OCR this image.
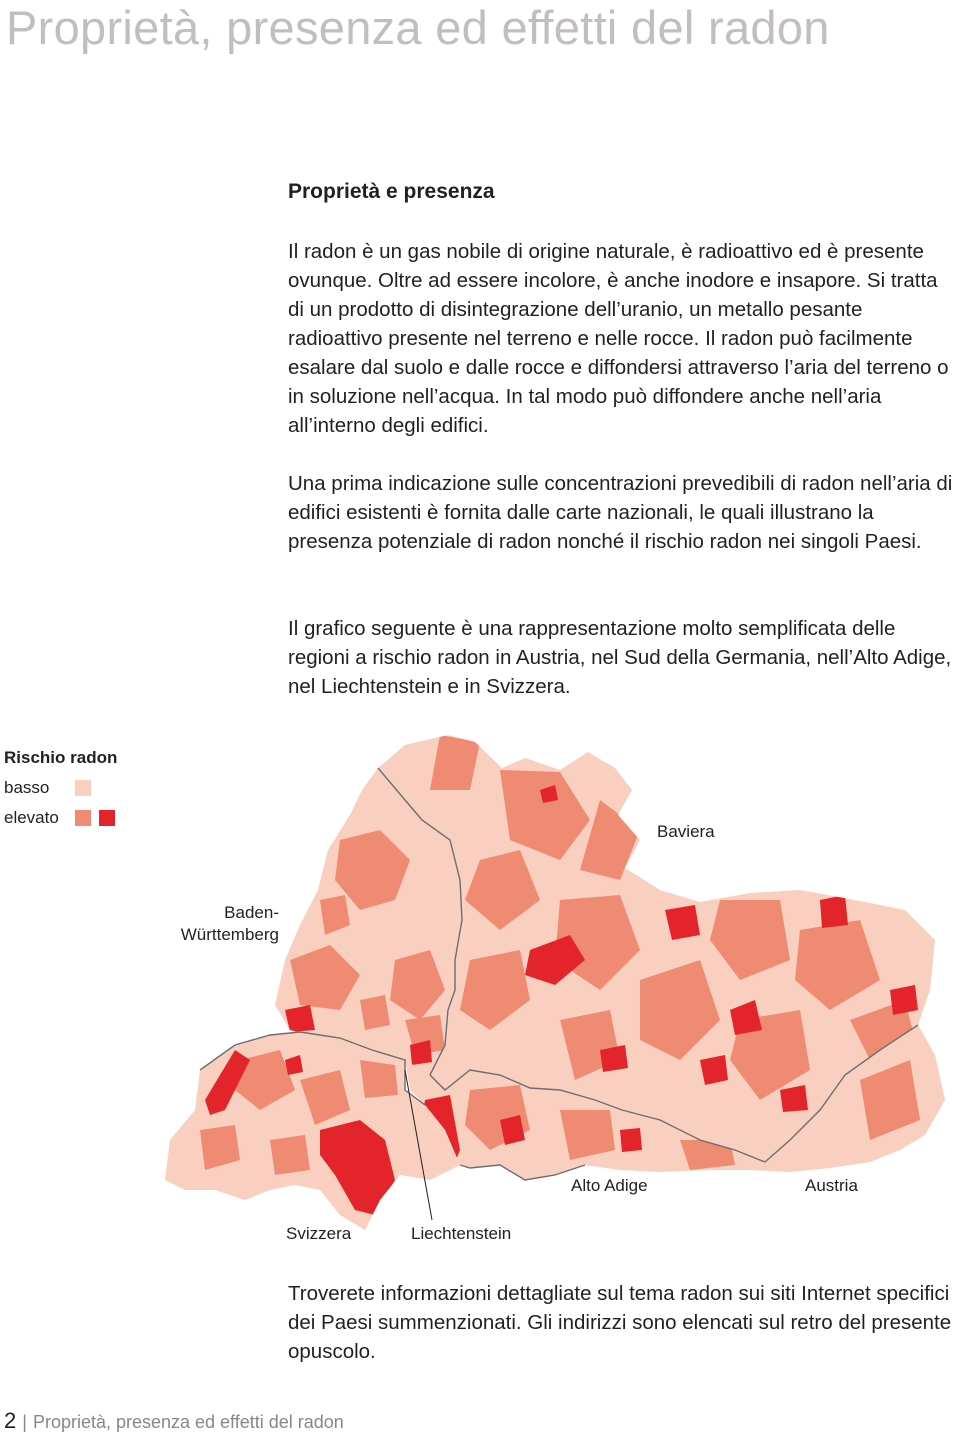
Proprietà, presenza ed effetti del radon
Proprietà e presenza

Il radon è un gas nobile di origine naturale, è radioattivo ed è presente ovunque. Oltre ad essere incolore, è anche inodore e insapore. Si tratta di un prodotto di disintegrazione dell’uranio, un metallo pesante radioattivo presente nel terreno e nelle rocce. Il radon può facilmente esalare dal suolo e dalle rocce e diffondersi attraverso l’aria del terreno o in soluzione nell’acqua. In tal modo può diffondere anche nell’aria all’interno degli edifici.

Una prima indicazione sulle concentrazioni prevedibili di radon nell’aria di edifici esistenti è fornita dalle carte nazionali, le quali illustrano la presenza potenziale di radon nonché il rischio radon nei singoli Paesi.

Il grafico seguente è una rappresentazione molto semplificata delle regioni a rischio radon in Austria, nel Sud della Germania, nell’Alto Adige, nel Liechtenstein e in Svizzera.

Rischio radon
basso
elevato
Baviera
Baden-
Württemberg
Alto Adige	Austria
Svizzera	Liechtenstein

Troverete informazioni dettagliate sul tema radon sui siti Internet specifici dei Paesi summenzionati. Gli indirizzi sono elencati sul retro del presente opuscolo.

2 | Proprietà, presenza ed effetti del radon
